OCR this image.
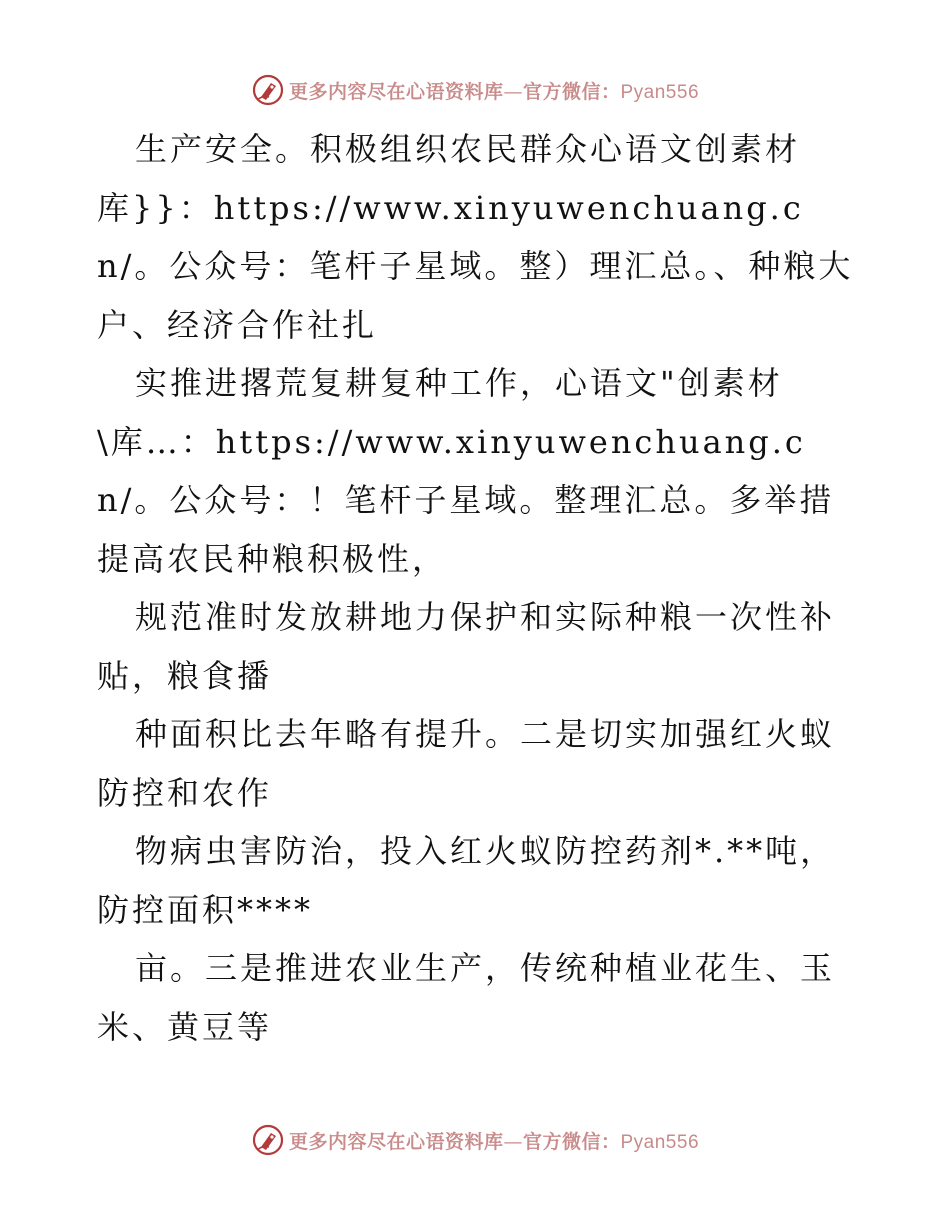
更多内容尽在心语资料库—官方微信：Pyan556

生产安全。积极组织农民群众心语文创素材库}}：https://www.xinyuwenchuang.cn/。公众号：笔杆子星域。整）理汇总。、种粮大户、经济合作社扎

实推进撂荒复耕复种工作，心语文"创素材\库…：https://www.xinyuwenchuang.cn/。公众号：！笔杆子星域。整理汇总。多举措提高农民种粮积极性，

规范准时发放耕地力保护和实际种粮一次性补贴，粮食播

种面积比去年略有提升。二是切实加强红火蚁防控和农作

物病虫害防治，投入红火蚁防控药剂*.**吨，防控面积****

亩。三是推进农业生产，传统种植业花生、玉米、黄豆等

更多内容尽在心语资料库—官方微信：Pyan556
